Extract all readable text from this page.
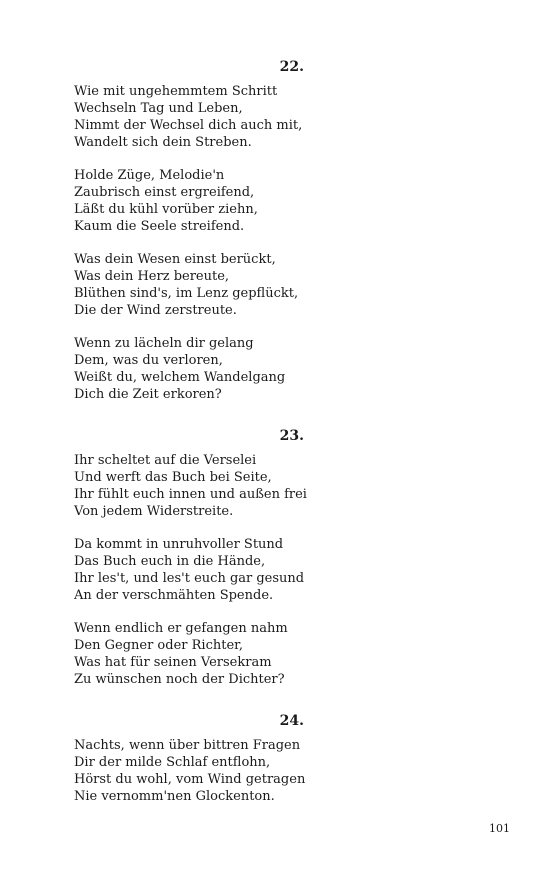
22.
Wie mit ungehemmtem Schritt
Wechseln Tag und Leben,
Nimmt der Wechsel dich auch mit,
Wandelt sich dein Streben.
Holde Züge, Melodie'n
Zaubrisch einst ergreifend,
Läßt du kühl vorüber ziehn,
Kaum die Seele streifend.
Was dein Wesen einst berückt,
Was dein Herz bereute,
Blüthen sind's, im Lenz gepflückt,
Die der Wind zerstreute.
Wenn zu lächeln dir gelang
Dem, was du verloren,
Weißt du, welchem Wandelgang
Dich die Zeit erkoren?
23.
Ihr scheltet auf die Verselei
Und werft das Buch bei Seite,
Ihr fühlt euch innen und außen frei
Von jedem Widerstreite.
Da kommt in unruhvoller Stund
Das Buch euch in die Hände,
Ihr les't, und les't euch gar gesund
An der verschmähten Spende.
Wenn endlich er gefangen nahm
Den Gegner oder Richter,
Was hat für seinen Versekram
Zu wünschen noch der Dichter?
24.
Nachts, wenn über bittren Fragen
Dir der milde Schlaf entflohn,
Hörst du wohl, vom Wind getragen
Nie vernomm'nen Glockenton.
101
